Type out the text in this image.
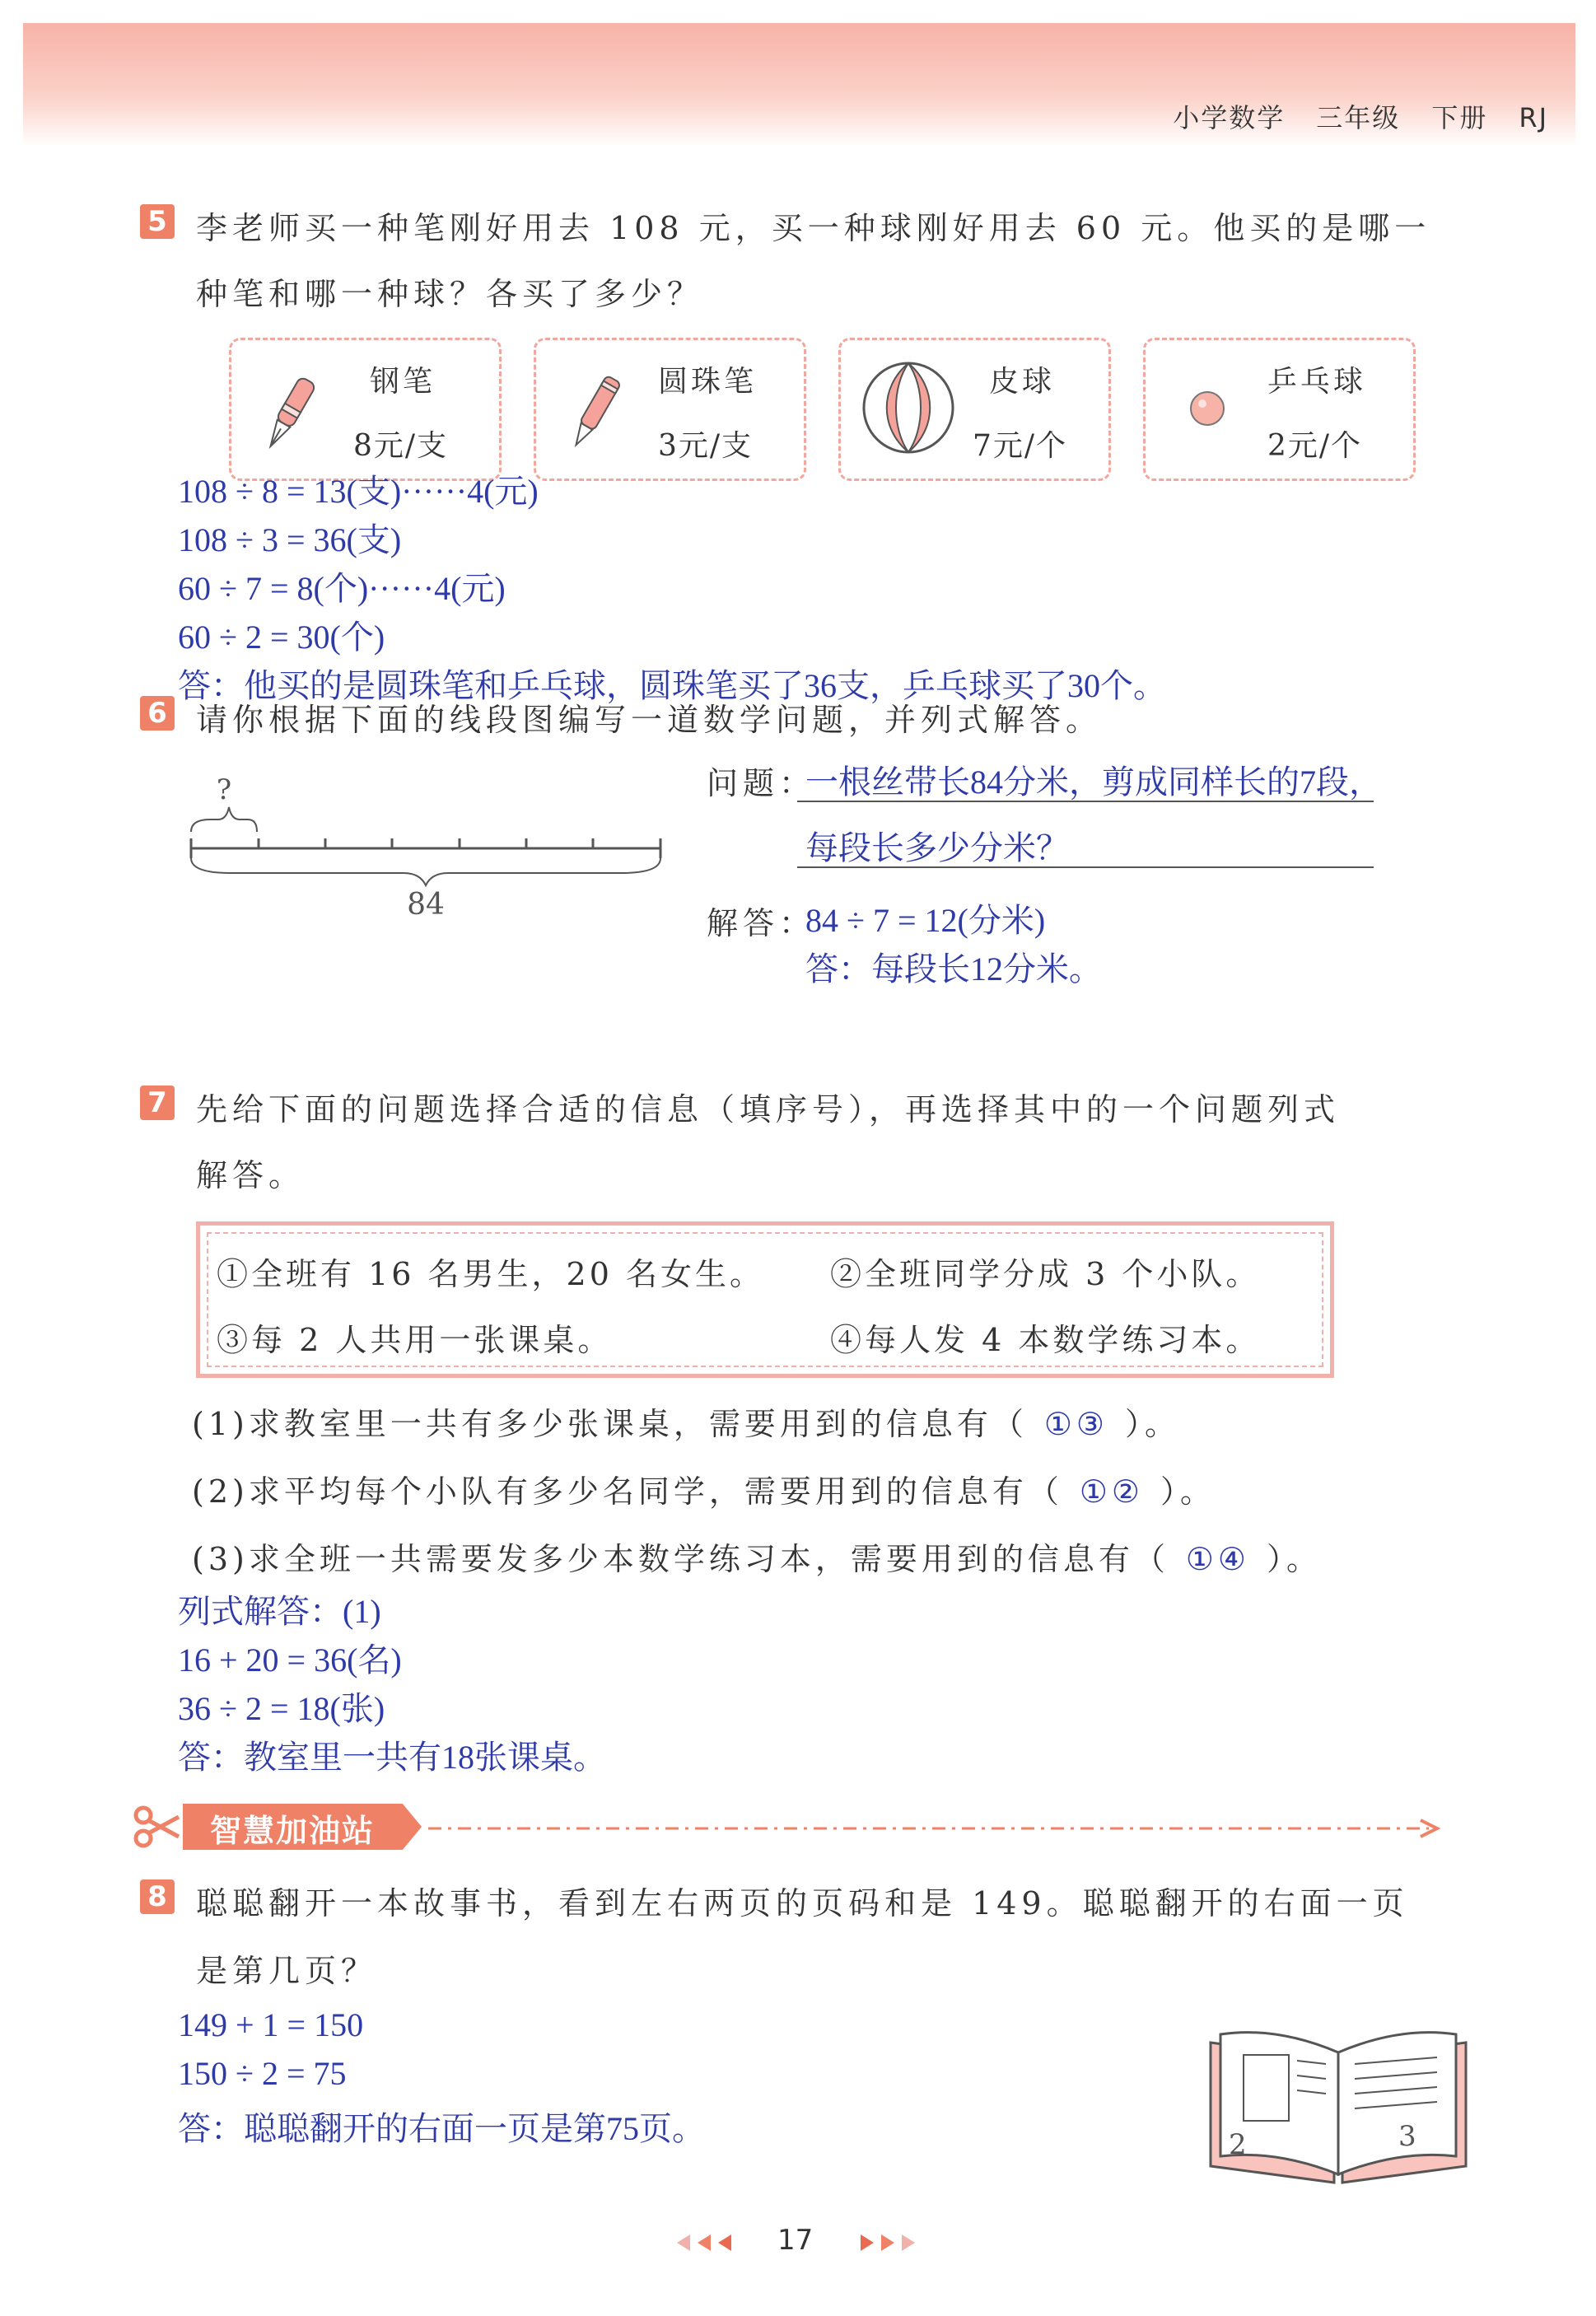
小学数学 三年级 下册 RJ
5 李老师买一种笔刚好用去 108 元，买一种球刚好用去 60 元。他买的是哪一
种笔和哪一种球？各买了多少？
钢笔
8元/支
圆珠笔
3元/支
皮球
7元/个
乒乓球
2元/个
108 ÷ 8 = 13(支)······4(元)
108 ÷ 3 = 36(支)
60 ÷ 7 = 8(个)······4(元)
60 ÷ 2 = 30(个)
答：他买的是圆珠笔和乒乓球，圆珠笔买了36支，乒乓球买了30个。
6 请你根据下面的线段图编写一道数学问题，并列式解答。
?
84
问题：
一根丝带长84分米，剪成同样长的7段，
每段长多少分米？
解答：
84 ÷ 7 = 12(分米)
答：每段长12分米。
7 先给下面的问题选择合适的信息（填序号），再选择其中的一个问题列式
解答。
①全班有 16 名男生，20 名女生。 ②全班同学分成 3 个小队。
③每 2 人共用一张课桌。	④每人发 4 本数学练习本。
(1)求教室里一共有多少张课桌，需要用到的信息有（ ①③ ）。
(2)求平均每个小队有多少名同学，需要用到的信息有（ ①② ）。
(3)求全班一共需要发多少本数学练习本，需要用到的信息有（ ①④ ）。
列式解答：(1)
16 + 20 = 36(名)
36 ÷ 2 = 18(张)
答：教室里一共有18张课桌。
智慧加油站
8 聪聪翻开一本故事书，看到左右两页的页码和是 149。聪聪翻开的右面一页
是第几页？
149 + 1 = 150
150 ÷ 2 = 75
答：聪聪翻开的右面一页是第75页。	2	3
17
